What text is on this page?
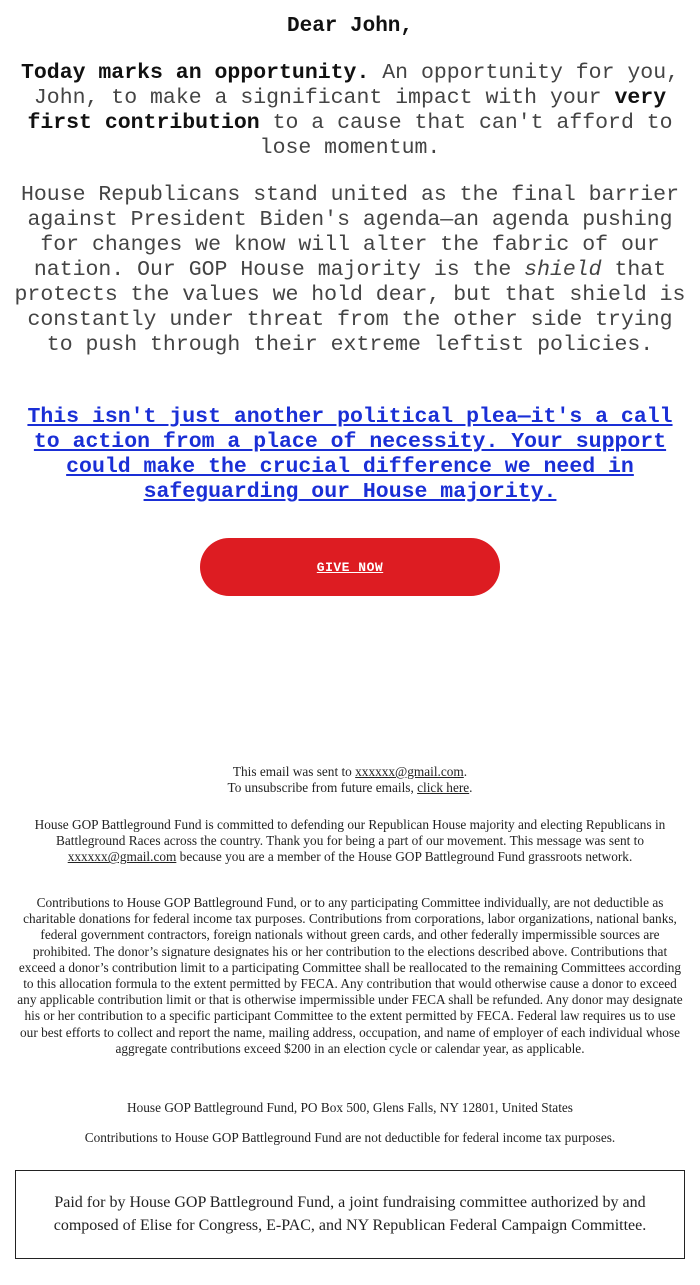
Dear John,

Today marks an opportunity. An opportunity for you, John, to make a significant impact with your very first contribution to a cause that can't afford to lose momentum.

House Republicans stand united as the final barrier against President Biden's agenda—an agenda pushing for changes we know will alter the fabric of our nation. Our GOP House majority is the shield that protects the values we hold dear, but that shield is constantly under threat from the other side trying to push through their extreme leftist policies.

This isn't just another political plea—it's a call to action from a place of necessity. Your support could make the crucial difference we need in safeguarding our House majority.
GIVE NOW
This email was sent to xxxxxx@gmail.com.
To unsubscribe from future emails, click here.

House GOP Battleground Fund is committed to defending our Republican House majority and electing Republicans in Battleground Races across the country. Thank you for being a part of our movement. This message was sent to xxxxxx@gmail.com because you are a member of the House GOP Battleground Fund grassroots network.

Contributions to House GOP Battleground Fund, or to any participating Committee individually, are not deductible as charitable donations for federal income tax purposes. Contributions from corporations, labor organizations, national banks, federal government contractors, foreign nationals without green cards, and other federally impermissible sources are prohibited. The donor’s signature designates his or her contribution to the elections described above. Contributions that exceed a donor’s contribution limit to a participating Committee shall be reallocated to the remaining Committees according to this allocation formula to the extent permitted by FECA. Any contribution that would otherwise cause a donor to exceed any applicable contribution limit or that is otherwise impermissible under FECA shall be refunded. Any donor may designate his or her contribution to a specific participant Committee to the extent permitted by FECA. Federal law requires us to use our best efforts to collect and report the name, mailing address, occupation, and name of employer of each individual whose aggregate contributions exceed $200 in an election cycle or calendar year, as applicable.

House GOP Battleground Fund, PO Box 500, Glens Falls, NY 12801, United States

Contributions to House GOP Battleground Fund are not deductible for federal income tax purposes.

Paid for by House GOP Battleground Fund, a joint fundraising committee authorized by and composed of Elise for Congress, E-PAC, and NY Republican Federal Campaign Committee.
